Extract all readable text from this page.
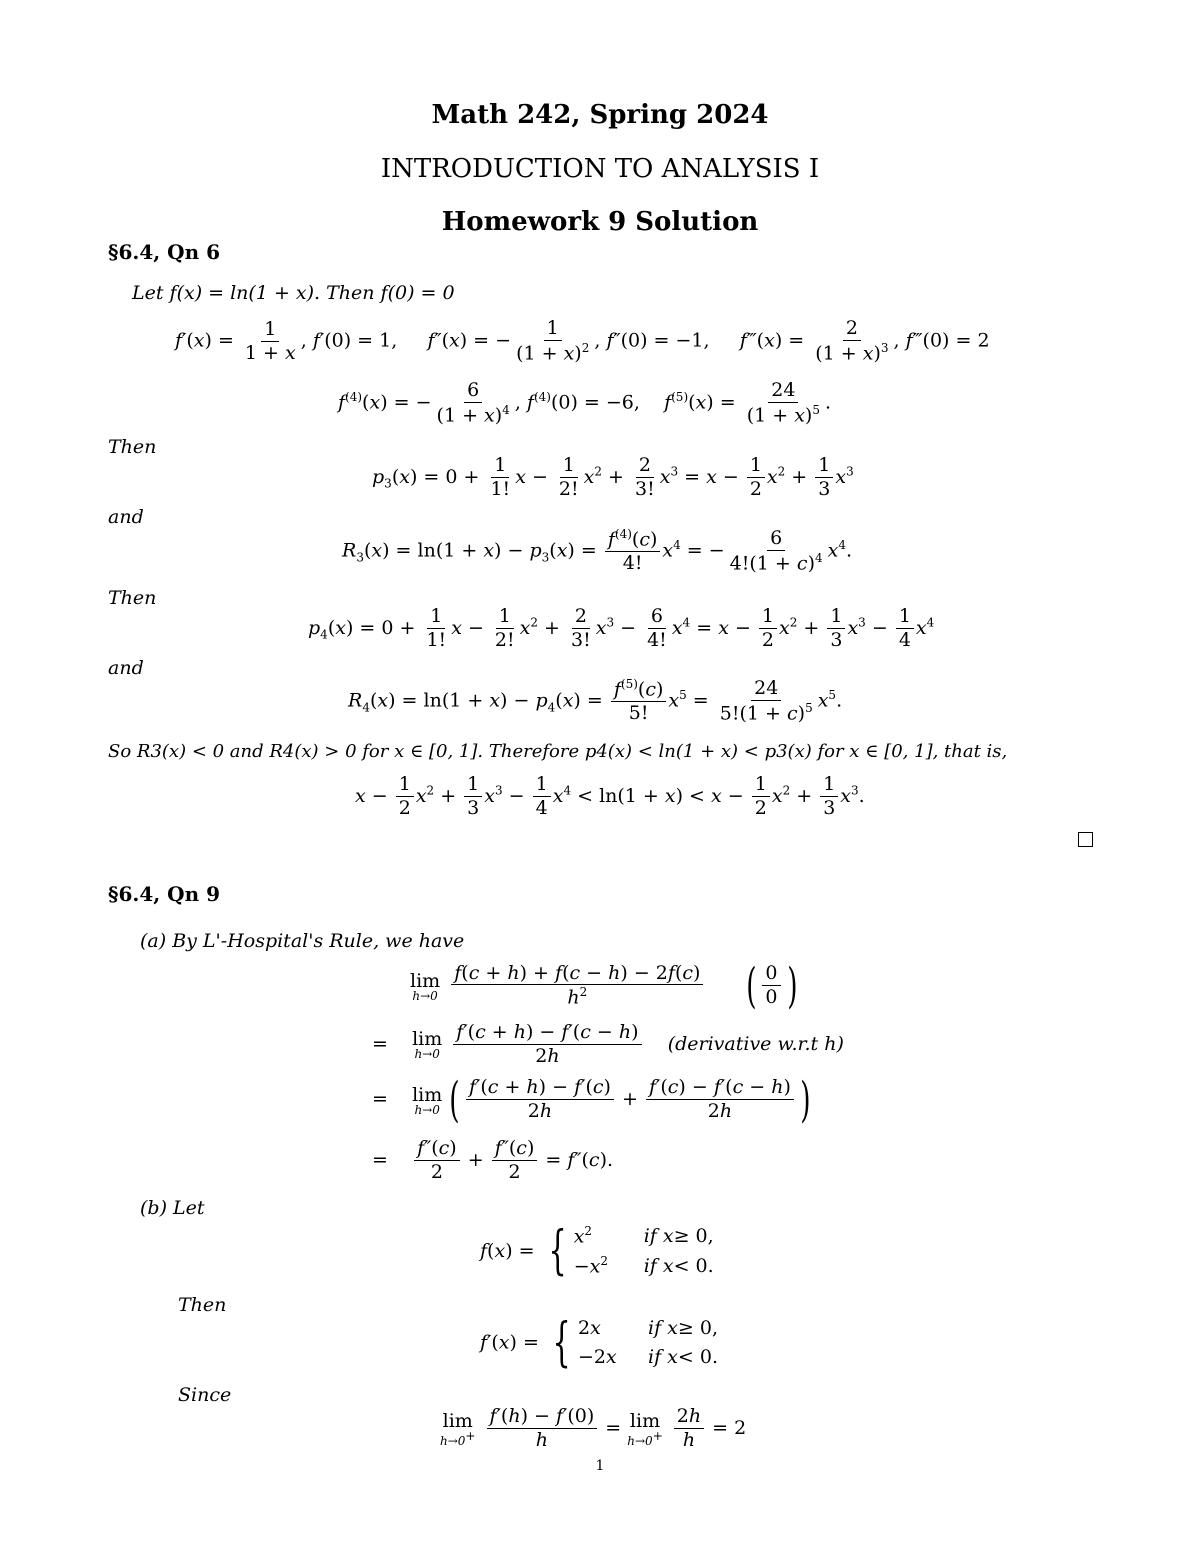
Math 242, Spring 2024
INTRODUCTION TO ANALYSIS I
Homework 9 Solution
§6.4, Qn 6
Let f(x) = ln(1 + x). Then f(0) = 0
$f'(x) = \frac{1}{1 + x}$ , f′(0) = 1,     f″(x) = − $\frac{1}{(1 + x)^2}$ , f″(0) = −1,     f‴(x) = $\frac{2}{(1 + x)^3}$ , f‴(0) = 2
$f^{(4)}(x)$ = − $\frac{6}{(1 + x)^4}$ , $f^{(4)}(0) = -6$,    $f^{(5)}(x) = \frac{24}{(1 + x)^5}$ .
Then
$p_3(x) = 0 + \frac{1}{1!}$ $x - \frac{1}{2!} x^2 + \frac{2}{3!} x^3 = x - \frac{1}{2} x^2 + \frac{1}{3} x^3$
and
$R_3(x) = \ln(1 + x) - p_3(x) = \frac{f^{(4)}(c)}{4!} x^4$ = − $\frac{6}{4!(1 + c)^4} x^4$.
Then
$p_4(x) = 0 + \frac{1}{1!}$ $x - \frac{1}{2!} x^2 + \frac{2}{3!} x^3 - \frac{6}{4!} x^4 = x - \frac{1}{2} x^2 + \frac{1}{3} x^3 - \frac{1}{4} x^4$
and
$R_4(x) = \ln(1 + x) - p_4(x) = \frac{f^{(5)}(c)}{5!} x^5 = \frac{24}{5!(1 + c)^5} x^5$.
So R3(x) < 0 and R4(x) > 0 for x ∈ [0, 1]. Therefore p4(x) < ln(1 + x) < p3(x) for x ∈ [0, 1], that is,
$x - \frac{1}{2} x^2 + \frac{1}{3} x^3 - \frac{1}{4} x^4 < \ln(1 + x) < x - \frac{1}{2} x^2 + \frac{1}{3} x^3$.
§6.4, Qn 9
(a) By L'-Hospital's Rule, we have
lim
h→0
$\frac{f(c + h) + f(c - h) - 2f(c)}{h^2}$ ( $\frac{0}{0}$ )
= lim
h→0
$\frac{f'(c + h) - f'(c - h)}{2h}$ (derivative w.r.t h)
= lim
h→0 ( $\frac{f'(c + h) - f'(c)}{2h} + \frac{f'(c) - f'(c - h)}{2h}$ )
= $\frac{f''(c)}{2} + \frac{f''(c)}{2} = f''(c)$.
(b) Let
f(x) = { $x^2$	if x ≥ 0,
$-x^2$	if x < 0.
Then
f′(x) = { 2x	if x ≥ 0,
−2x	if x < 0.
Since
lim
h→0+
$\frac{f'(h) - f'(0)}{h} = \lim$
h→0+
$\frac{2h}{h} = 2$
1
